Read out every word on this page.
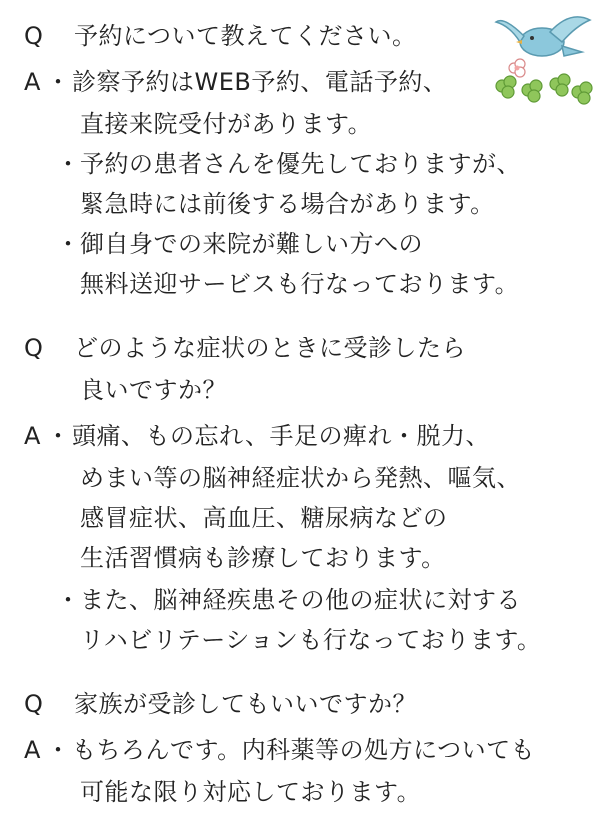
Q 予約について教えてください。
A ・ 診察予約はWEB予約、電話予約、
直接来院受付があります。
・ 予約の患者さんを優先しておりますが、
緊急時には前後する場合があります。
・ 御自身での来院が難しい方への
無料送迎サービスも行なっております。
Q どのような症状のときに受診したら
良いですか？
A ・ 頭痛、もの忘れ、手足の痺れ・脱力、
めまい等の脳神経症状から発熱、嘔気、
感冒症状、高血圧、糖尿病などの
生活習慣病も診療しております。
・ また、脳神経疾患その他の症状に対する
リハビリテーションも行なっております。
Q 家族が受診してもいいですか？
A ・ もちろんです。内科薬等の処方についても
可能な限り対応しております。
